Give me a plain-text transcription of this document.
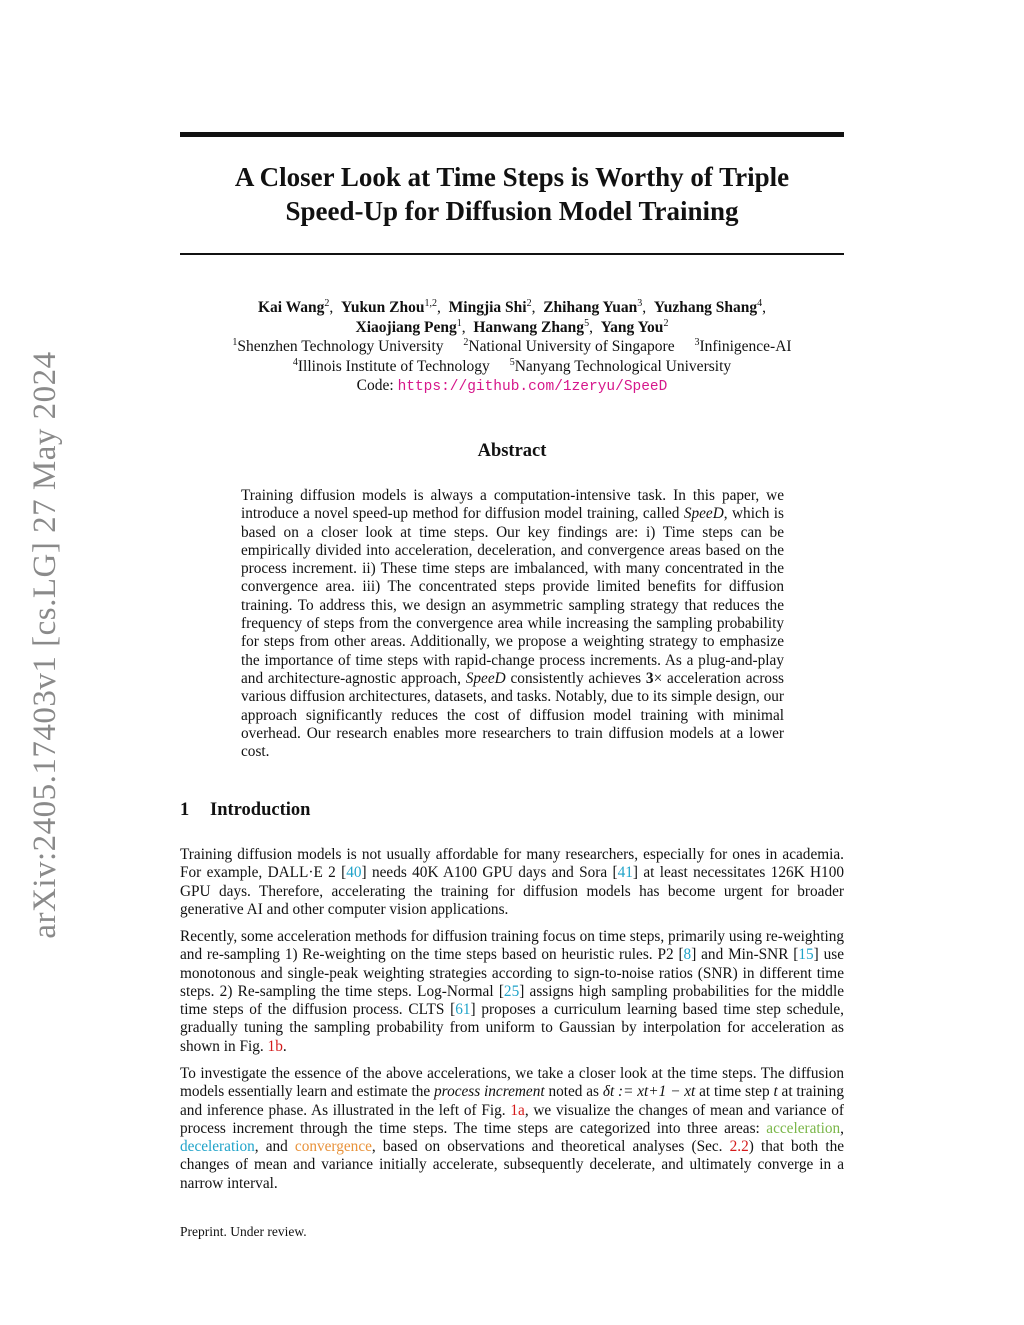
arXiv:2405.17403v1 [cs.LG] 27 May 2024
A Closer Look at Time Steps is Worthy of Triple
Speed-Up for Diffusion Model Training
Kai Wang$^2$,  Yukun Zhou$^{1,2}$,  Mingjia Shi$^2$,  Zhihang Yuan$^3$,  Yuzhang Shang$^4$,
Xiaojiang Peng$^1$,  Hanwang Zhang$^5$,  Yang You$^2$
$^1$Shenzhen Technology University $^2$National University of Singapore $^3$Infinigence-AI
$^4$Illinois Institute of Technology $^5$Nanyang Technological University
Code: https://github.com/1zeryu/SpeeD
Abstract
Training diffusion models is always a computation-intensive task. In this paper, we introduce a novel speed-up method for diffusion model training, called SpeeD, which is based on a closer look at time steps. Our key findings are: i) Time steps can be empirically divided into acceleration, deceleration, and convergence areas based on the process increment. ii) These time steps are imbalanced, with many concentrated in the convergence area. iii) The concentrated steps provide limited benefits for diffusion training. To address this, we design an asymmetric sampling strategy that reduces the frequency of steps from the convergence area while increasing the sampling probability for steps from other areas. Additionally, we propose a weighting strategy to emphasize the importance of time steps with rapid-change process increments. As a plug-and-play and architecture-agnostic approach, SpeeD consistently achieves 3× acceleration across various diffusion architectures, datasets, and tasks. Notably, due to its simple design, our approach significantly reduces the cost of diffusion model training with minimal overhead. Our research enables more researchers to train diffusion models at a lower cost.
1 Introduction

Training diffusion models is not usually affordable for many researchers, especially for ones in academia. For example, DALL·E 2 [40] needs 40K A100 GPU days and Sora [41] at least necessitates 126K H100 GPU days. Therefore, accelerating the training for diffusion models has become urgent for broader generative AI and other computer vision applications.

Recently, some acceleration methods for diffusion training focus on time steps, primarily using re-weighting and re-sampling 1) Re-weighting on the time steps based on heuristic rules. P2 [8] and Min-SNR [15] use monotonous and single-peak weighting strategies according to sign-to-noise ratios (SNR) in different time steps. 2) Re-sampling the time steps. Log-Normal [25] assigns high sampling probabilities for the middle time steps of the diffusion process. CLTS [61] proposes a curriculum learning based time step schedule, gradually tuning the sampling probability from uniform to Gaussian by interpolation for acceleration as shown in Fig. 1b.

To investigate the essence of the above accelerations, we take a closer look at the time steps. The diffusion models essentially learn and estimate the process increment noted as δt := xt+1 − xt at time step t at training and inference phase. As illustrated in the left of Fig. 1a, we visualize the changes of mean and variance of process increment through the time steps. The time steps are categorized into three areas: acceleration, deceleration, and convergence, based on observations and theoretical analyses (Sec. 2.2) that both the changes of mean and variance initially accelerate, subsequently decelerate, and ultimately converge in a narrow interval.

Preprint. Under review.
